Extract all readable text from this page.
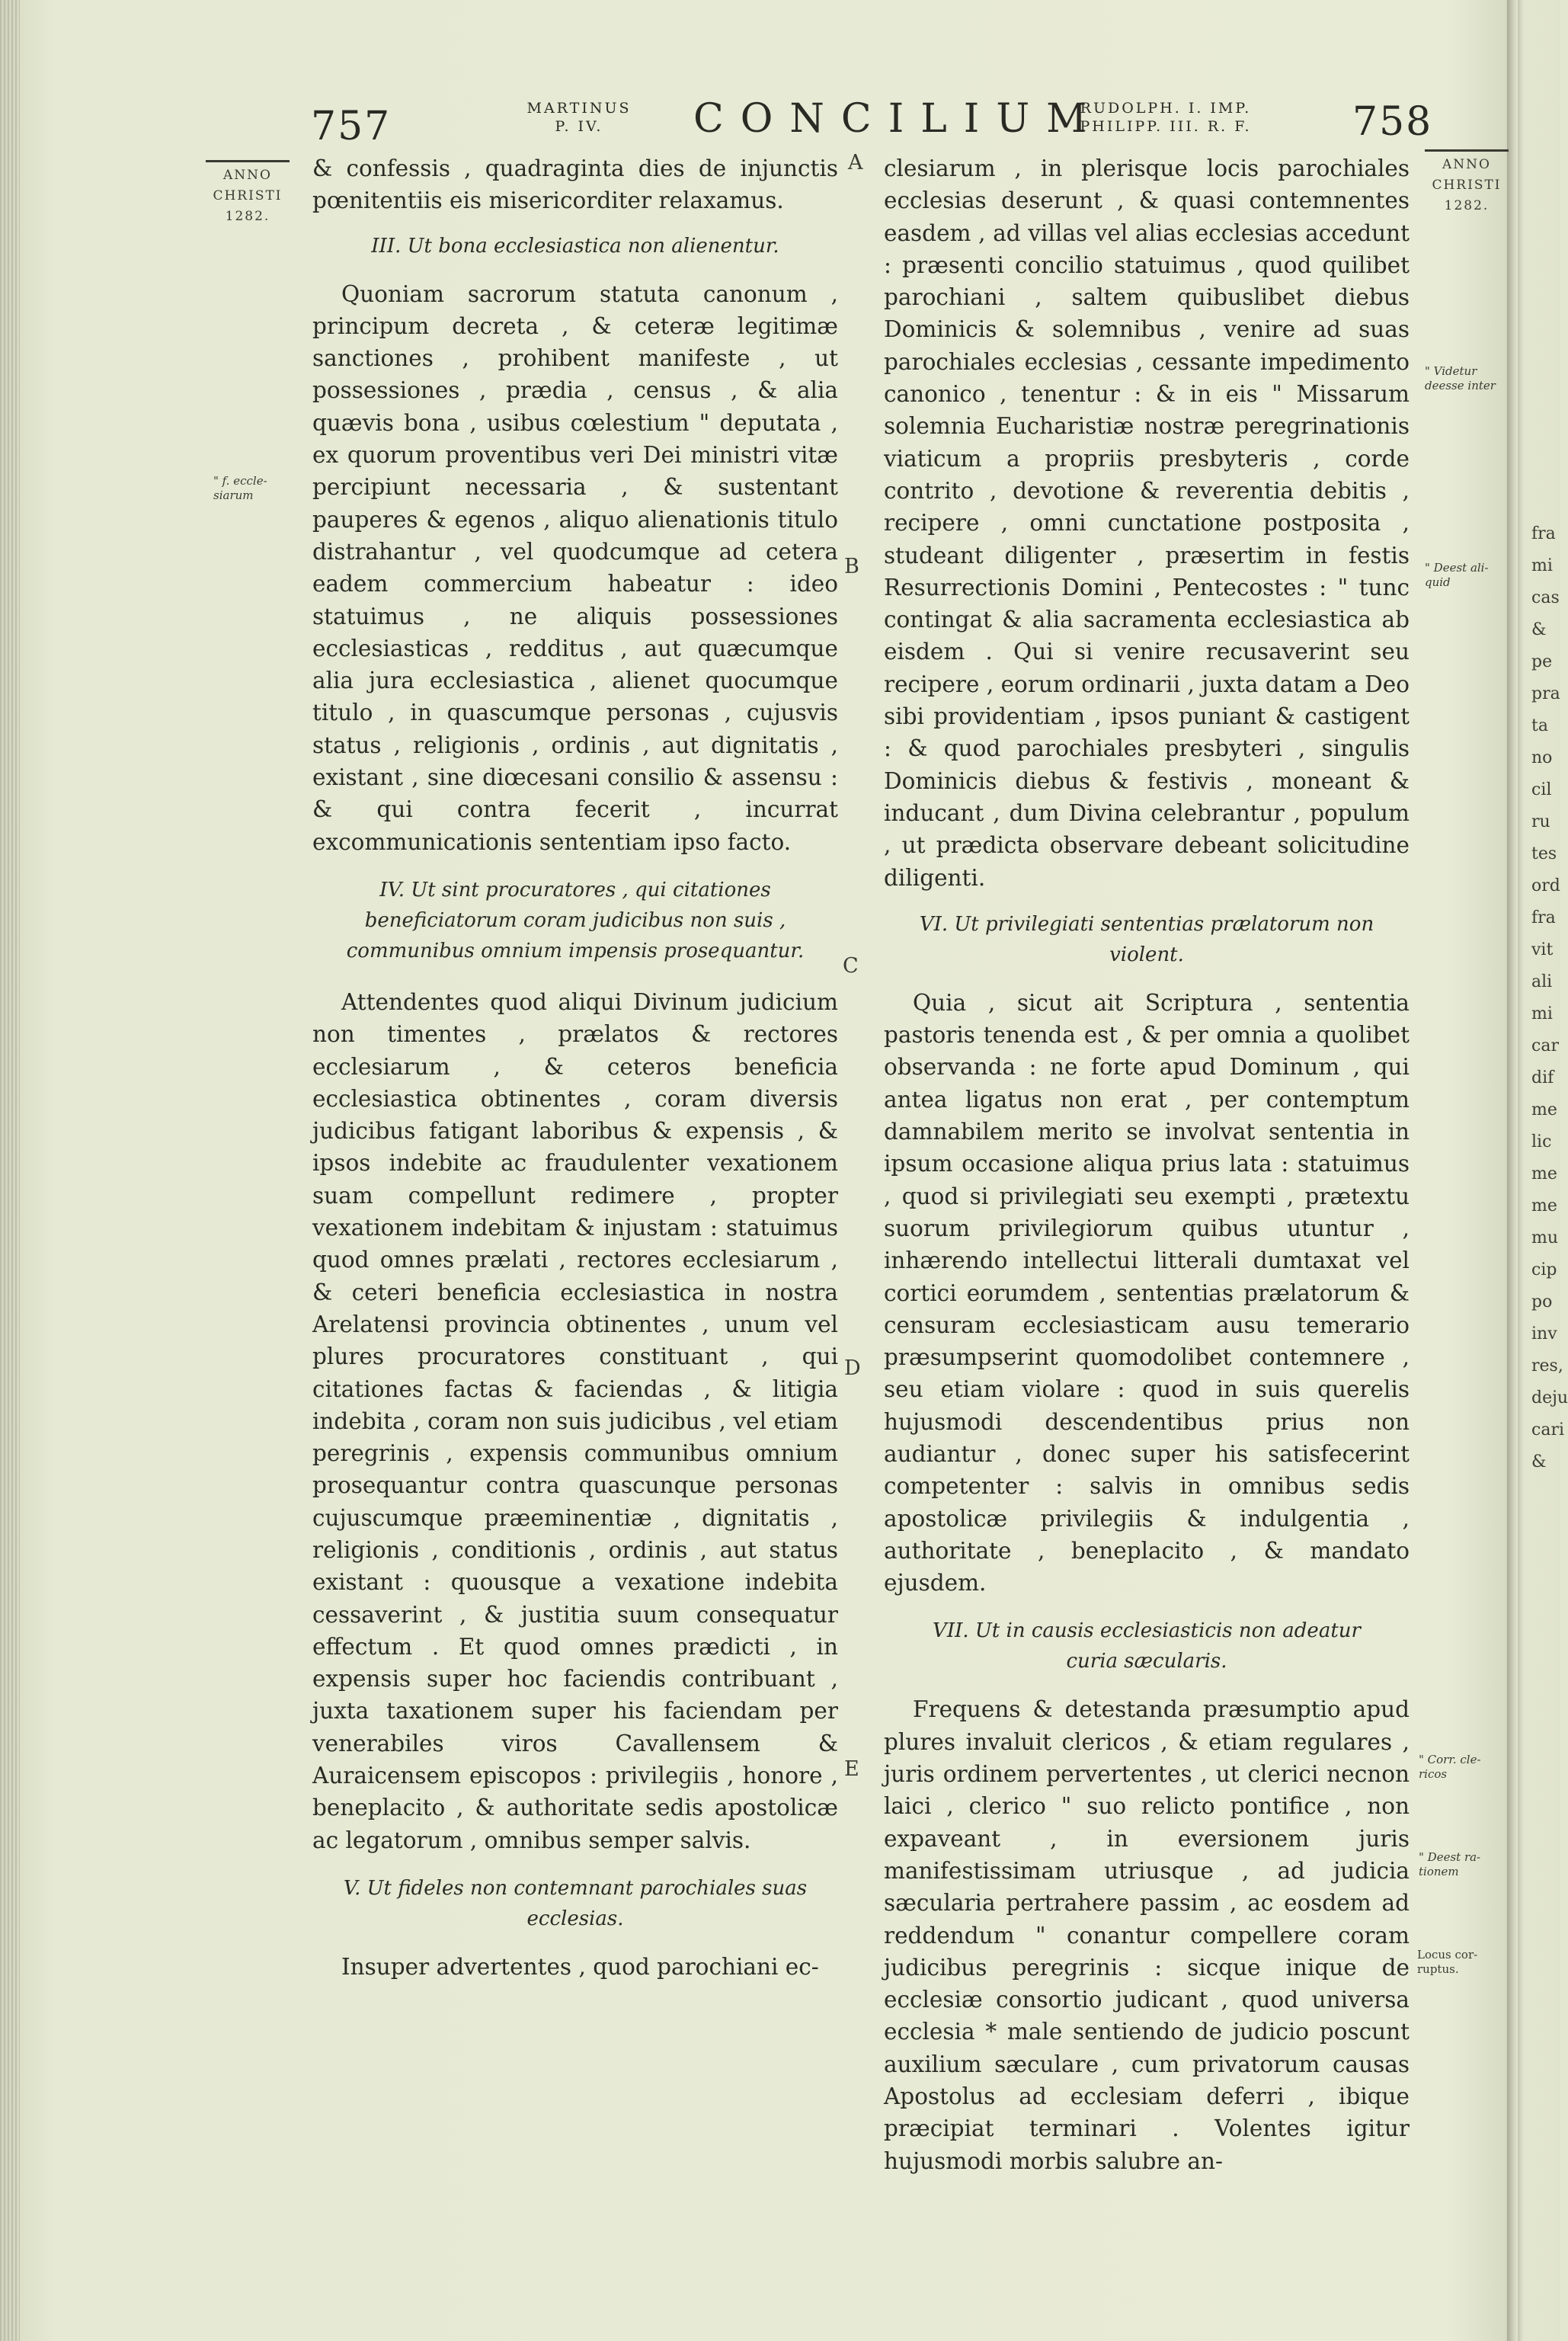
757	MARTINUS
P. IV.	CONCILIUM
RUDOLPH. I. IMP.
PHILIPP. III. R. F.	758
ANNO
CHRISTI
1282.
" f. eccle-
siarum
A
B
C
D
E

& confessis , quadraginta dies de injunctis pœnitentiis eis misericorditer relaxamus.

III. Ut bona ecclesiastica non alienentur.

Quoniam sacrorum statuta canonum , principum decreta , & ceteræ legitimæ sanctiones , prohibent manifeste , ut possessiones , prædia , census , & alia quævis bona , usibus cœlestium " deputata , ex quorum proventibus veri Dei ministri vitæ percipiunt necessaria , & sustentant pauperes & egenos , aliquo alienationis titulo distrahantur , vel quodcumque ad cetera eadem commercium habeatur : ideo statuimus , ne aliquis possessiones ecclesiasticas , redditus , aut quæcumque alia jura ecclesiastica , alienet quocumque titulo , in quascumque personas , cujusvis status , religionis , ordinis , aut dignitatis , existant , sine diœcesani consilio & assensu : & qui contra fecerit , incurrat excommunicationis sententiam ipso facto.

IV. Ut sint procuratores , qui citationes beneficiatorum coram judicibus non suis , communibus omnium impensis prosequantur.

Attendentes quod aliqui Divinum judicium non timentes , prælatos & rectores ecclesiarum , & ceteros beneficia ecclesiastica obtinentes , coram diversis judicibus fatigant laboribus & expensis , & ipsos indebite ac fraudulenter vexationem suam compellunt redimere , propter vexationem indebitam & injustam : statuimus quod omnes prælati , rectores ecclesiarum , & ceteri beneficia ecclesiastica in nostra Arelatensi provincia obtinentes , unum vel plures procuratores constituant , qui citationes factas & faciendas , & litigia indebita , coram non suis judicibus , vel etiam peregrinis , expensis communibus omnium prosequantur contra quascunque personas cujuscumque præeminentiæ , dignitatis , religionis , conditionis , ordinis , aut status existant : quousque a vexatione indebita cessaverint , & justitia suum consequatur effectum . Et quod omnes prædicti , in expensis super hoc faciendis contribuant , juxta taxationem super his faciendam per venerabiles viros Cavallensem & Auraicensem episcopos : privilegiis , honore , beneplacito , & authoritate sedis apostolicæ ac legatorum , omnibus semper salvis.

V. Ut fideles non contemnant parochiales suas ecclesias.

Insuper advertentes , quod parochiani ec-

clesiarum , in plerisque locis parochiales ecclesias deserunt , & quasi contemnentes easdem , ad villas vel alias ecclesias accedunt : præsenti concilio statuimus , quod quilibet parochiani , saltem quibuslibet diebus Dominicis & solemnibus , venire ad suas parochiales ecclesias , cessante impedimento canonico , tenentur : & in eis " Missarum solemnia Eucharistiæ nostræ peregrinationis viaticum a propriis presbyteris , corde contrito , devotione & reverentia debitis , recipere , omni cunctatione postposita , studeant diligenter , præsertim in festis Resurrectionis Domini , Pentecostes : " tunc contingat & alia sacramenta ecclesiastica ab eisdem . Qui si venire recusaverint seu recipere , eorum ordinarii , juxta datam a Deo sibi providentiam , ipsos puniant & castigent : & quod parochiales presbyteri , singulis Dominicis diebus & festivis , moneant & inducant , dum Divina celebrantur , populum , ut prædicta observare debeant solicitudine diligenti.

VI. Ut privilegiati sententias prælatorum non violent.

Quia , sicut ait Scriptura , sententia pastoris tenenda est , & per omnia a quolibet observanda : ne forte apud Dominum , qui antea ligatus non erat , per contemptum damnabilem merito se involvat sententia in ipsum occasione aliqua prius lata : statuimus , quod si privilegiati seu exempti , prætextu suorum privilegiorum quibus utuntur , inhærendo intellectui litterali dumtaxat vel cortici eorumdem , sententias prælatorum & censuram ecclesiasticam ausu temerario præsumpserint quomodolibet contemnere , seu etiam violare : quod in suis querelis hujusmodi descendentibus prius non audiantur , donec super his satisfecerint competenter : salvis in omnibus sedis apostolicæ privilegiis & indulgentia , authoritate , beneplacito , & mandato ejusdem.

VII. Ut in causis ecclesiasticis non adeatur curia sæcularis.

Frequens & detestanda præsumptio apud plures invaluit clericos , & etiam regulares , juris ordinem pervertentes , ut clerici necnon laici , clerico " suo relicto pontifice , non expaveant , in eversionem juris manifestissimam utriusque , ad judicia sæcularia pertrahere passim , ac eosdem ad reddendum " conantur compellere coram judicibus peregrinis : sicque inique de ecclesiæ consortio judicant , quod universa ecclesia * male sentiendo de judicio poscunt auxilium sæculare , cum privatorum causas Apostolus ad ecclesiam deferri , ibique præcipiat terminari . Volentes igitur hujusmodi morbis salubre an-

ANNO
CHRISTI
1282.
" Videtur
deesse inter
" Deest ali-
quid
" Corr. cle-
ricos
" Deest ra-
tionem
Locus cor-
ruptus.
fra
mi
cas
&
pe
pra
ta
no
cil
ru
tes
ord
fra
vit
ali
mi
car
dif
me
lic
me
me
mu
cip
po
inv
res,
deju
cari
&
